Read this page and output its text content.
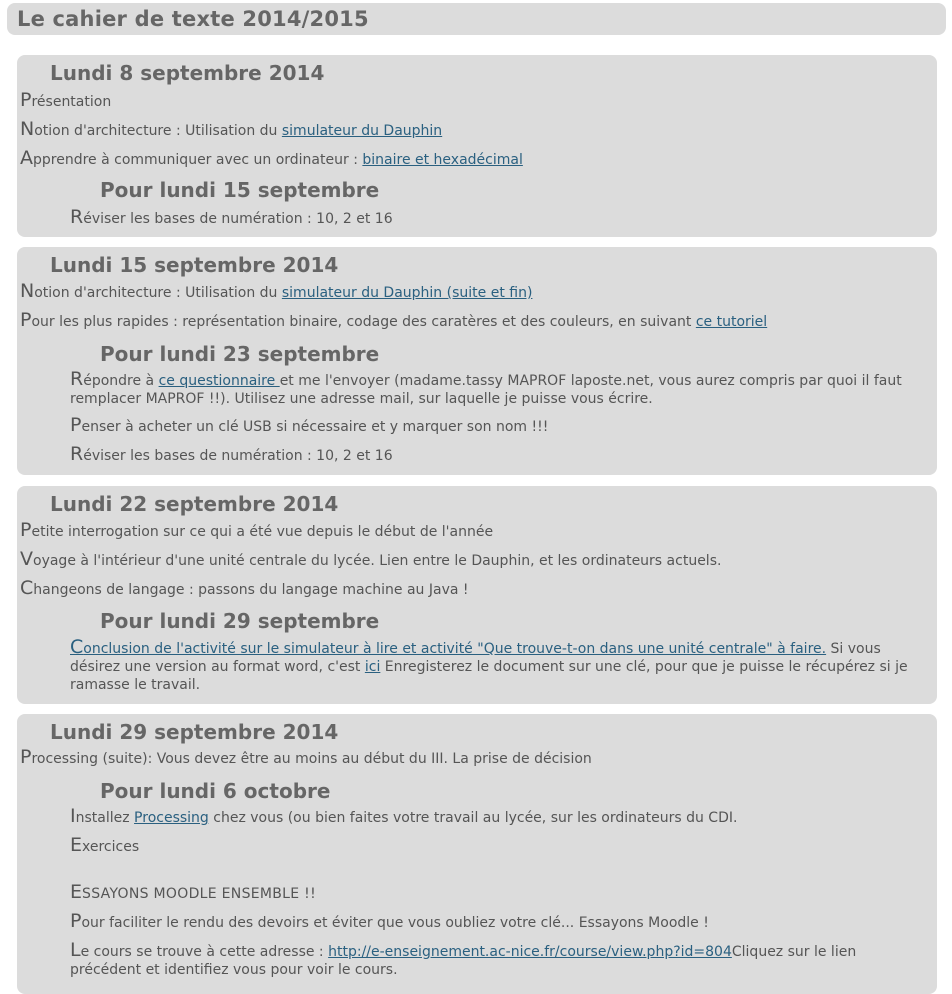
Le cahier de texte 2014/2015
Lundi 8 septembre 2014
Présentation
Notion d'architecture : Utilisation du simulateur du Dauphin
Apprendre à communiquer avec un ordinateur : binaire et hexadécimal
Pour lundi 15 septembre
Réviser les bases de numération : 10, 2 et 16
Lundi 15 septembre 2014
Notion d'architecture : Utilisation du simulateur du Dauphin (suite et fin)
Pour les plus rapides : représentation binaire, codage des caratères et des couleurs, en suivant ce tutoriel
Pour lundi 23 septembre
Répondre à ce questionnaire et me l'envoyer (madame.tassy MAPROF laposte.net, vous aurez compris par quoi il faut remplacer MAPROF !!). Utilisez une adresse mail, sur laquelle je puisse vous écrire.
Penser à acheter un clé USB si nécessaire et y marquer son nom !!!
Réviser les bases de numération : 10, 2 et 16
Lundi 22 septembre 2014
Petite interrogation sur ce qui a été vue depuis le début de l'année
Voyage à l'intérieur d'une unité centrale du lycée. Lien entre le Dauphin, et les ordinateurs actuels.
Changeons de langage : passons du langage machine au Java !
Pour lundi 29 septembre
Conclusion de l'activité sur le simulateur à lire et activité "Que trouve-t-on dans une unité centrale" à faire. Si vous désirez une version au format word, c'est ici Enregisterez le document sur une clé, pour que je puisse le récupérez si je ramasse le travail.
Lundi 29 septembre 2014
Processing (suite): Vous devez être au moins au début du III. La prise de décision
Pour lundi 6 octobre
Installez Processing chez vous (ou bien faites votre travail au lycée, sur les ordinateurs du CDI.
Exercices
ESSAYONS MOODLE ENSEMBLE !!
Pour faciliter le rendu des devoirs et éviter que vous oubliez votre clé... Essayons Moodle !
Le cours se trouve à cette adresse : http://e-enseignement.ac-nice.fr/course/view.php?id=804Cliquez sur le lien précédent et identifiez vous pour voir le cours.
